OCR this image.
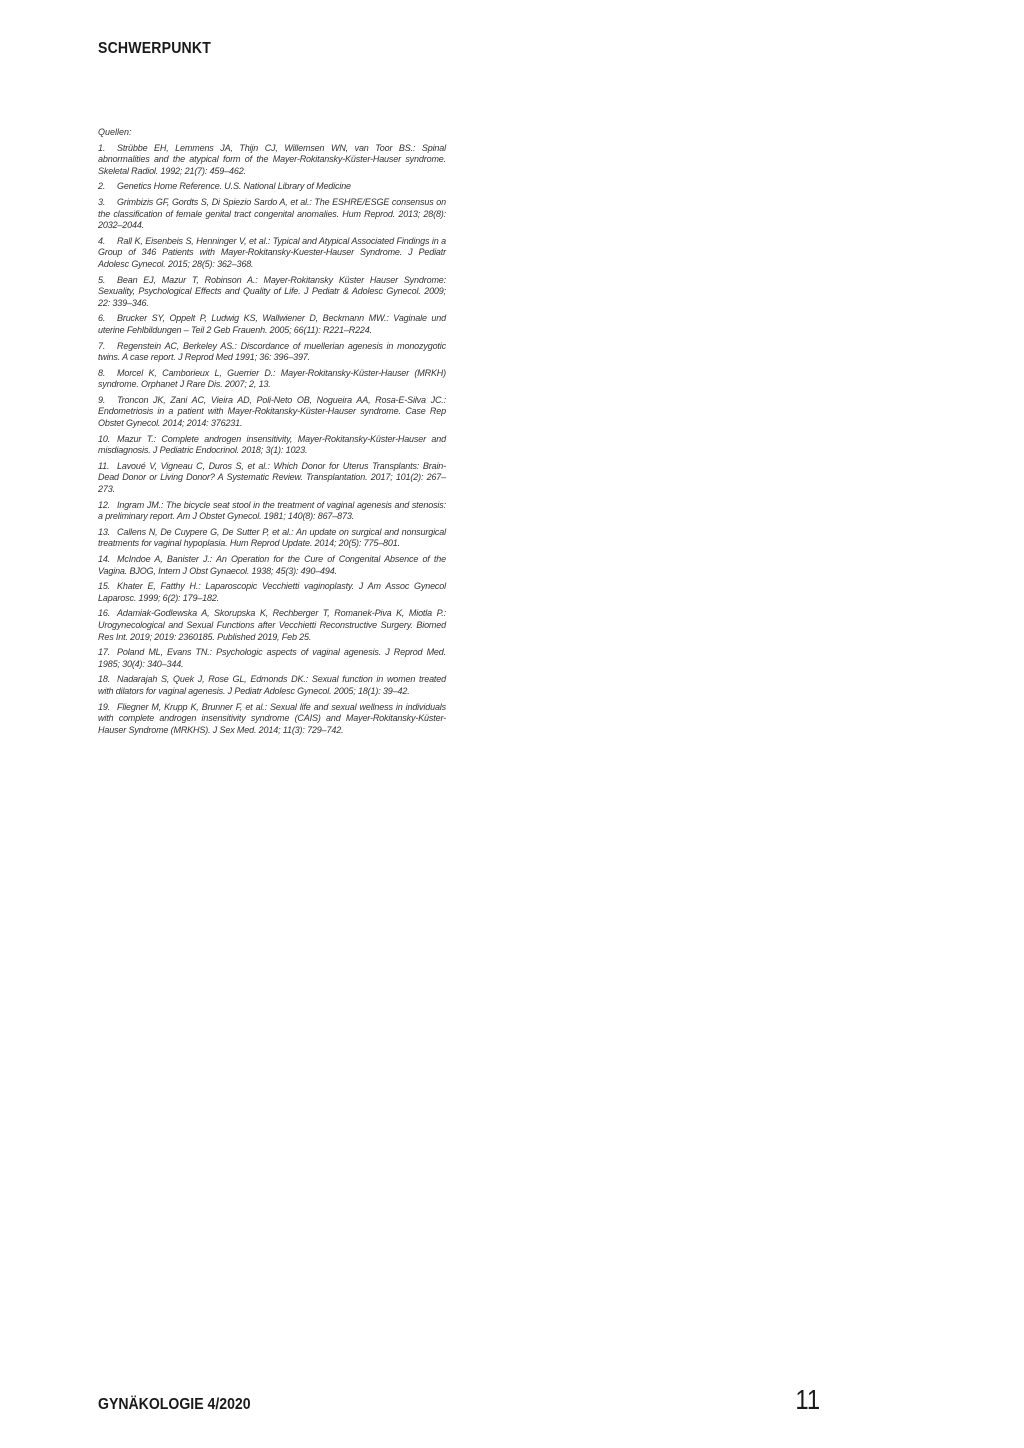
SCHWERPUNKT
Quellen:
1. Strübbe EH, Lemmens JA, Thijn CJ, Willemsen WN, van Toor BS.: Spinal abnormalities and the atypical form of the Mayer-Rokitansky-Küster-Hauser syndrome. Skeletal Radiol. 1992; 21(7): 459–462.
2. Genetics Home Reference. U.S. National Library of Medicine
3. Grimbizis GF, Gordts S, Di Spiezio Sardo A, et al.: The ESHRE/ESGE consensus on the classification of female genital tract congenital anomalies. Hum Reprod. 2013; 28(8): 2032–2044.
4. Rall K, Eisenbeis S, Henninger V, et al.: Typical and Atypical Associated Findings in a Group of 346 Patients with Mayer-Rokitansky-Kuester-Hauser Syndrome. J Pediatr Adolesc Gynecol. 2015; 28(5): 362–368.
5. Bean EJ, Mazur T, Robinson A.: Mayer-Rokitansky Küster Hauser Syndrome: Sexuality, Psychological Effects and Quality of Life. J Pediatr & Adolesc Gynecol. 2009; 22: 339–346.
6. Brucker SY, Oppelt P, Ludwig KS, Wallwiener D, Beckmann MW.: Vaginale und uterine Fehlbildungen – Teil 2 Geb Frauenh. 2005; 66(11): R221–R224.
7. Regenstein AC, Berkeley AS.: Discordance of muellerian agenesis in monozygotic twins. A case report. J Reprod Med 1991; 36: 396–397.
8. Morcel K, Camborieux L, Guerrier D.: Mayer-Rokitansky-Küster-Hauser (MRKH) syndrome. Orphanet J Rare Dis. 2007; 2, 13.
9. Troncon JK, Zani AC, Vieira AD, Poli-Neto OB, Nogueira AA, Rosa-E-Silva JC.: Endometriosis in a patient with Mayer-Rokitansky-Küster-Hauser syndrome. Case Rep Obstet Gynecol. 2014; 2014: 376231.
10. Mazur T.: Complete androgen insensitivity, Mayer-Rokitansky-Küster-Hauser and misdiagnosis. J Pediatric Endocrinol. 2018; 3(1): 1023.
11. Lavoué V, Vigneau C, Duros S, et al.: Which Donor for Uterus Transplants: Brain-Dead Donor or Living Donor? A Systematic Review. Transplantation. 2017; 101(2): 267–273.
12. Ingram JM.: The bicycle seat stool in the treatment of vaginal agenesis and stenosis: a preliminary report. Am J Obstet Gynecol. 1981; 140(8): 867–873.
13. Callens N, De Cuypere G, De Sutter P, et al.: An update on surgical and nonsurgical treatments for vaginal hypoplasia. Hum Reprod Update. 2014; 20(5): 775–801.
14. McIndoe A, Banister J.: An Operation for the Cure of Congenital Absence of the Vagina. BJOG, Intern J Obst Gynaecol. 1938; 45(3): 490–494.
15. Khater E, Fatthy H.: Laparoscopic Vecchietti vaginoplasty. J Am Assoc Gynecol Laparosc. 1999; 6(2): 179–182.
16. Adamiak-Godlewska A, Skorupska K, Rechberger T, Romanek-Piva K, Miotla P.: Urogynecological and Sexual Functions after Vecchietti Reconstructive Surgery. Biomed Res Int. 2019; 2019: 2360185. Published 2019, Feb 25.
17. Poland ML, Evans TN.: Psychologic aspects of vaginal agenesis. J Reprod Med. 1985; 30(4): 340–344.
18. Nadarajah S, Quek J, Rose GL, Edmonds DK.: Sexual function in women treated with dilators for vaginal agenesis. J Pediatr Adolesc Gynecol. 2005; 18(1): 39–42.
19. Fliegner M, Krupp K, Brunner F, et al.: Sexual life and sexual wellness in individuals with complete androgen insensitivity syndrome (CAIS) and Mayer-Rokitansky-Küster-Hauser Syndrome (MRKHS). J Sex Med. 2014; 11(3): 729–742.
GYNÄKOLOGIE 4/2020	11
